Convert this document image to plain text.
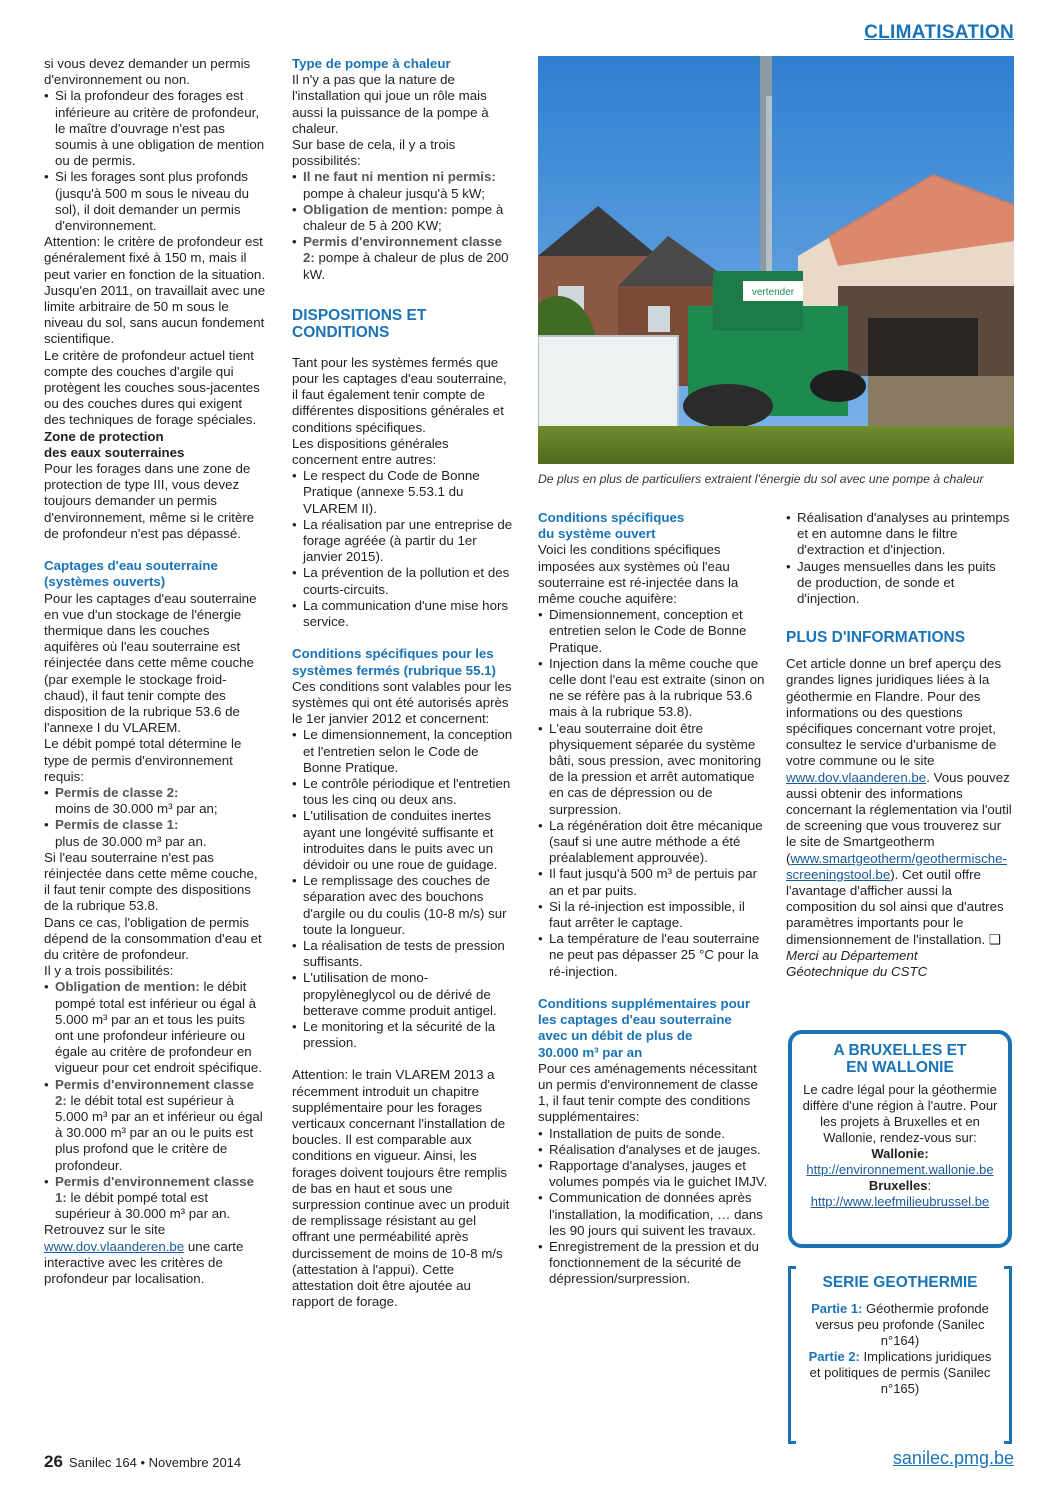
CLIMATISATION

si vous devez demander un permis d'environnement ou non.

• Si la profondeur des forages est inférieure au critère de profondeur, le maître d'ouvrage n'est pas soumis à une obligation de mention ou de permis.
• Si les forages sont plus profonds (jusqu'à 500 m sous le niveau du sol), il doit demander un permis d'environnement.

Attention: le critère de profondeur est généralement fixé à 150 m, mais il peut varier en fonction de la situation.

Jusqu'en 2011, on travaillait avec une limite arbitraire de 50 m sous le niveau du sol, sans aucun fondement scientifique.

Le critère de profondeur actuel tient compte des couches d'argile qui protègent les couches sous-jacentes ou des couches dures qui exigent des techniques de forage spéciales.

Zone de protection
des eaux souterraines

Pour les forages dans une zone de protection de type III, vous devez toujours demander un permis d'environnement, même si le critère de profondeur n'est pas dépassé.

Captages d'eau souterraine
(systèmes ouverts)

Pour les captages d'eau souterraine en vue d'un stockage de l'énergie thermique dans les couches aquifères où l'eau souterraine est réinjectée dans cette même couche (par exemple le stockage froid-chaud), il faut tenir compte des disposition de la rubrique 53.6 de l'annexe I du VLAREM.

Le débit pompé total détermine le type de permis d'environnement requis:

• Permis de classe 2:
moins de 30.000 m³ par an;
• Permis de classe 1:
plus de 30.000 m³ par an.

Si l'eau souterraine n'est pas réinjectée dans cette même couche, il faut tenir compte des dispositions de la rubrique 53.8.

Dans ce cas, l'obligation de permis dépend de la consommation d'eau et du critère de profondeur.

Il y a trois possibilités:

• Obligation de mention: le débit pompé total est inférieur ou égal à 5.000 m³ par an et tous les puits ont une profondeur inférieure ou égale au critère de profondeur en vigueur pour cet endroit spécifique.
• Permis d'environnement classe 2: le débit total est supérieur à 5.000 m³ par an et inférieur ou égal à 30.000 m³ par an ou le puits est plus profond que le critère de profondeur.
• Permis d'environnement classe 1: le débit pompé total est supérieur à 30.000 m³ par an.

Retrouvez sur le site
www.dov.vlaanderen.be une carte interactive avec les critères de profondeur par localisation.

Type de pompe à chaleur

Il n'y a pas que la nature de l'installation qui joue un rôle mais aussi la puissance de la pompe à chaleur.

Sur base de cela, il y a trois possibilités:

• Il ne faut ni mention ni permis: pompe à chaleur jusqu'à 5 kW;
• Obligation de mention: pompe à chaleur de 5 à 200 KW;
• Permis d'environnement classe 2: pompe à chaleur de plus de 200 kW.

DISPOSITIONS ET
CONDITIONS

Tant pour les systèmes fermés que pour les captages d'eau souterraine, il faut également tenir compte de différentes dispositions générales et conditions spécifiques.

Les dispositions générales concernent entre autres:

• Le respect du Code de Bonne Pratique (annexe 5.53.1 du VLAREM II).
• La réalisation par une entreprise de forage agréée (à partir du 1er janvier 2015).
• La prévention de la pollution et des courts-circuits.
• La communication d'une mise hors service.

Conditions spécifiques pour les
systèmes fermés (rubrique 55.1)

Ces conditions sont valables pour les systèmes qui ont été autorisés après le 1er janvier 2012 et concernent:

• Le dimensionnement, la conception et l'entretien selon le Code de Bonne Pratique.
• Le contrôle périodique et l'entretien tous les cinq ou deux ans.
• L'utilisation de conduites inertes ayant une longévité suffisante et introduites dans le puits avec un dévidoir ou une roue de guidage.
• Le remplissage des couches de séparation avec des bouchons d'argile ou du coulis (10-8 m/s) sur toute la longueur.
• La réalisation de tests de pression suffisants.
• L'utilisation de mono-propylèneglycol ou de dérivé de betterave comme produit antigel.
• Le monitoring et la sécurité de la pression.

Attention: le train VLAREM 2013 a récemment introduit un chapitre supplémentaire pour les forages verticaux concernant l'installation de boucles. Il est comparable aux conditions en vigueur. Ainsi, les forages doivent toujours être remplis de bas en haut et sous une surpression continue avec un produit de remplissage résistant au gel offrant une perméabilité après durcissement de moins de 10-8 m/s (attestation à l'appui). Cette attestation doit être ajoutée au rapport de forage.

vertender
De plus en plus de particuliers extraient l'énergie du sol avec une pompe à chaleur

Conditions spécifiques
du système ouvert

Voici les conditions spécifiques imposées aux systèmes où l'eau souterraine est ré-injectée dans la même couche aquifère:

• Dimensionnement, conception et entretien selon le Code de Bonne Pratique.
• Injection dans la même couche que celle dont l'eau est extraite (sinon on ne se réfère pas à la rubrique 53.6 mais à la rubrique 53.8).
• L'eau souterraine doit être physiquement séparée du système bâti, sous pression, avec monitoring de la pression et arrêt automatique en cas de dépression ou de surpression.
• La régénération doit être mécanique (sauf si une autre méthode a été préalablement approuvée).
• Il faut jusqu'à 500 m³ de pertuis par an et par puits.
• Si la ré-injection est impossible, il faut arrêter le captage.
• La température de l'eau souterraine ne peut pas dépasser 25 °C pour la ré-injection.

Conditions supplémentaires pour
les captages d'eau souterraine
avec un débit de plus de
30.000 m³ par an

Pour ces aménagements nécessitant un permis d'environnement de classe 1, il faut tenir compte des conditions supplémentaires:

• Installation de puits de sonde.
• Réalisation d'analyses et de jauges.
• Rapportage d'analyses, jauges et volumes pompés via le guichet IMJV.
• Communication de données après l'installation, la modification, … dans les 90 jours qui suivent les travaux.
• Enregistrement de la pression et du fonctionnement de la sécurité de dépression/surpression.
• Réalisation d'analyses au printemps et en automne dans le filtre d'extraction et d'injection.
• Jauges mensuelles dans les puits de production, de sonde et d'injection.

PLUS D'INFORMATIONS

Cet article donne un bref aperçu des grandes lignes juridiques liées à la géothermie en Flandre. Pour des informations ou des questions spécifiques concernant votre projet, consultez le service d'urbanisme de votre commune ou le site www.dov.vlaanderen.be. Vous pouvez aussi obtenir des informations concernant la réglementation via l'outil de screening que vous trouverez sur le site de Smartgeotherm (www.smartgeotherm/geothermische-screeningstool.be). Cet outil offre l'avantage d'afficher aussi la composition du sol ainsi que d'autres paramètres importants pour le dimensionnement de l'installation. ❑

Merci au Département
Géotechnique du CSTC

A BRUXELLES ET
EN WALLONIE

Le cadre légal pour la géothermie diffère d'une région à l'autre. Pour les projets à Bruxelles et en Wallonie, rendez-vous sur:

Wallonie:

http://environnement.wallonie.be

Bruxelles:

http://www.leefmilieubrussel.be

SERIE GEOTHERMIE

Partie 1: Géothermie profonde versus peu profonde (Sanilec n°164)

Partie 2: Implications juridiques et politiques de permis (Sanilec n°165)

26 Sanilec 164 • Novembre 2014	sanilec.pmg.be
